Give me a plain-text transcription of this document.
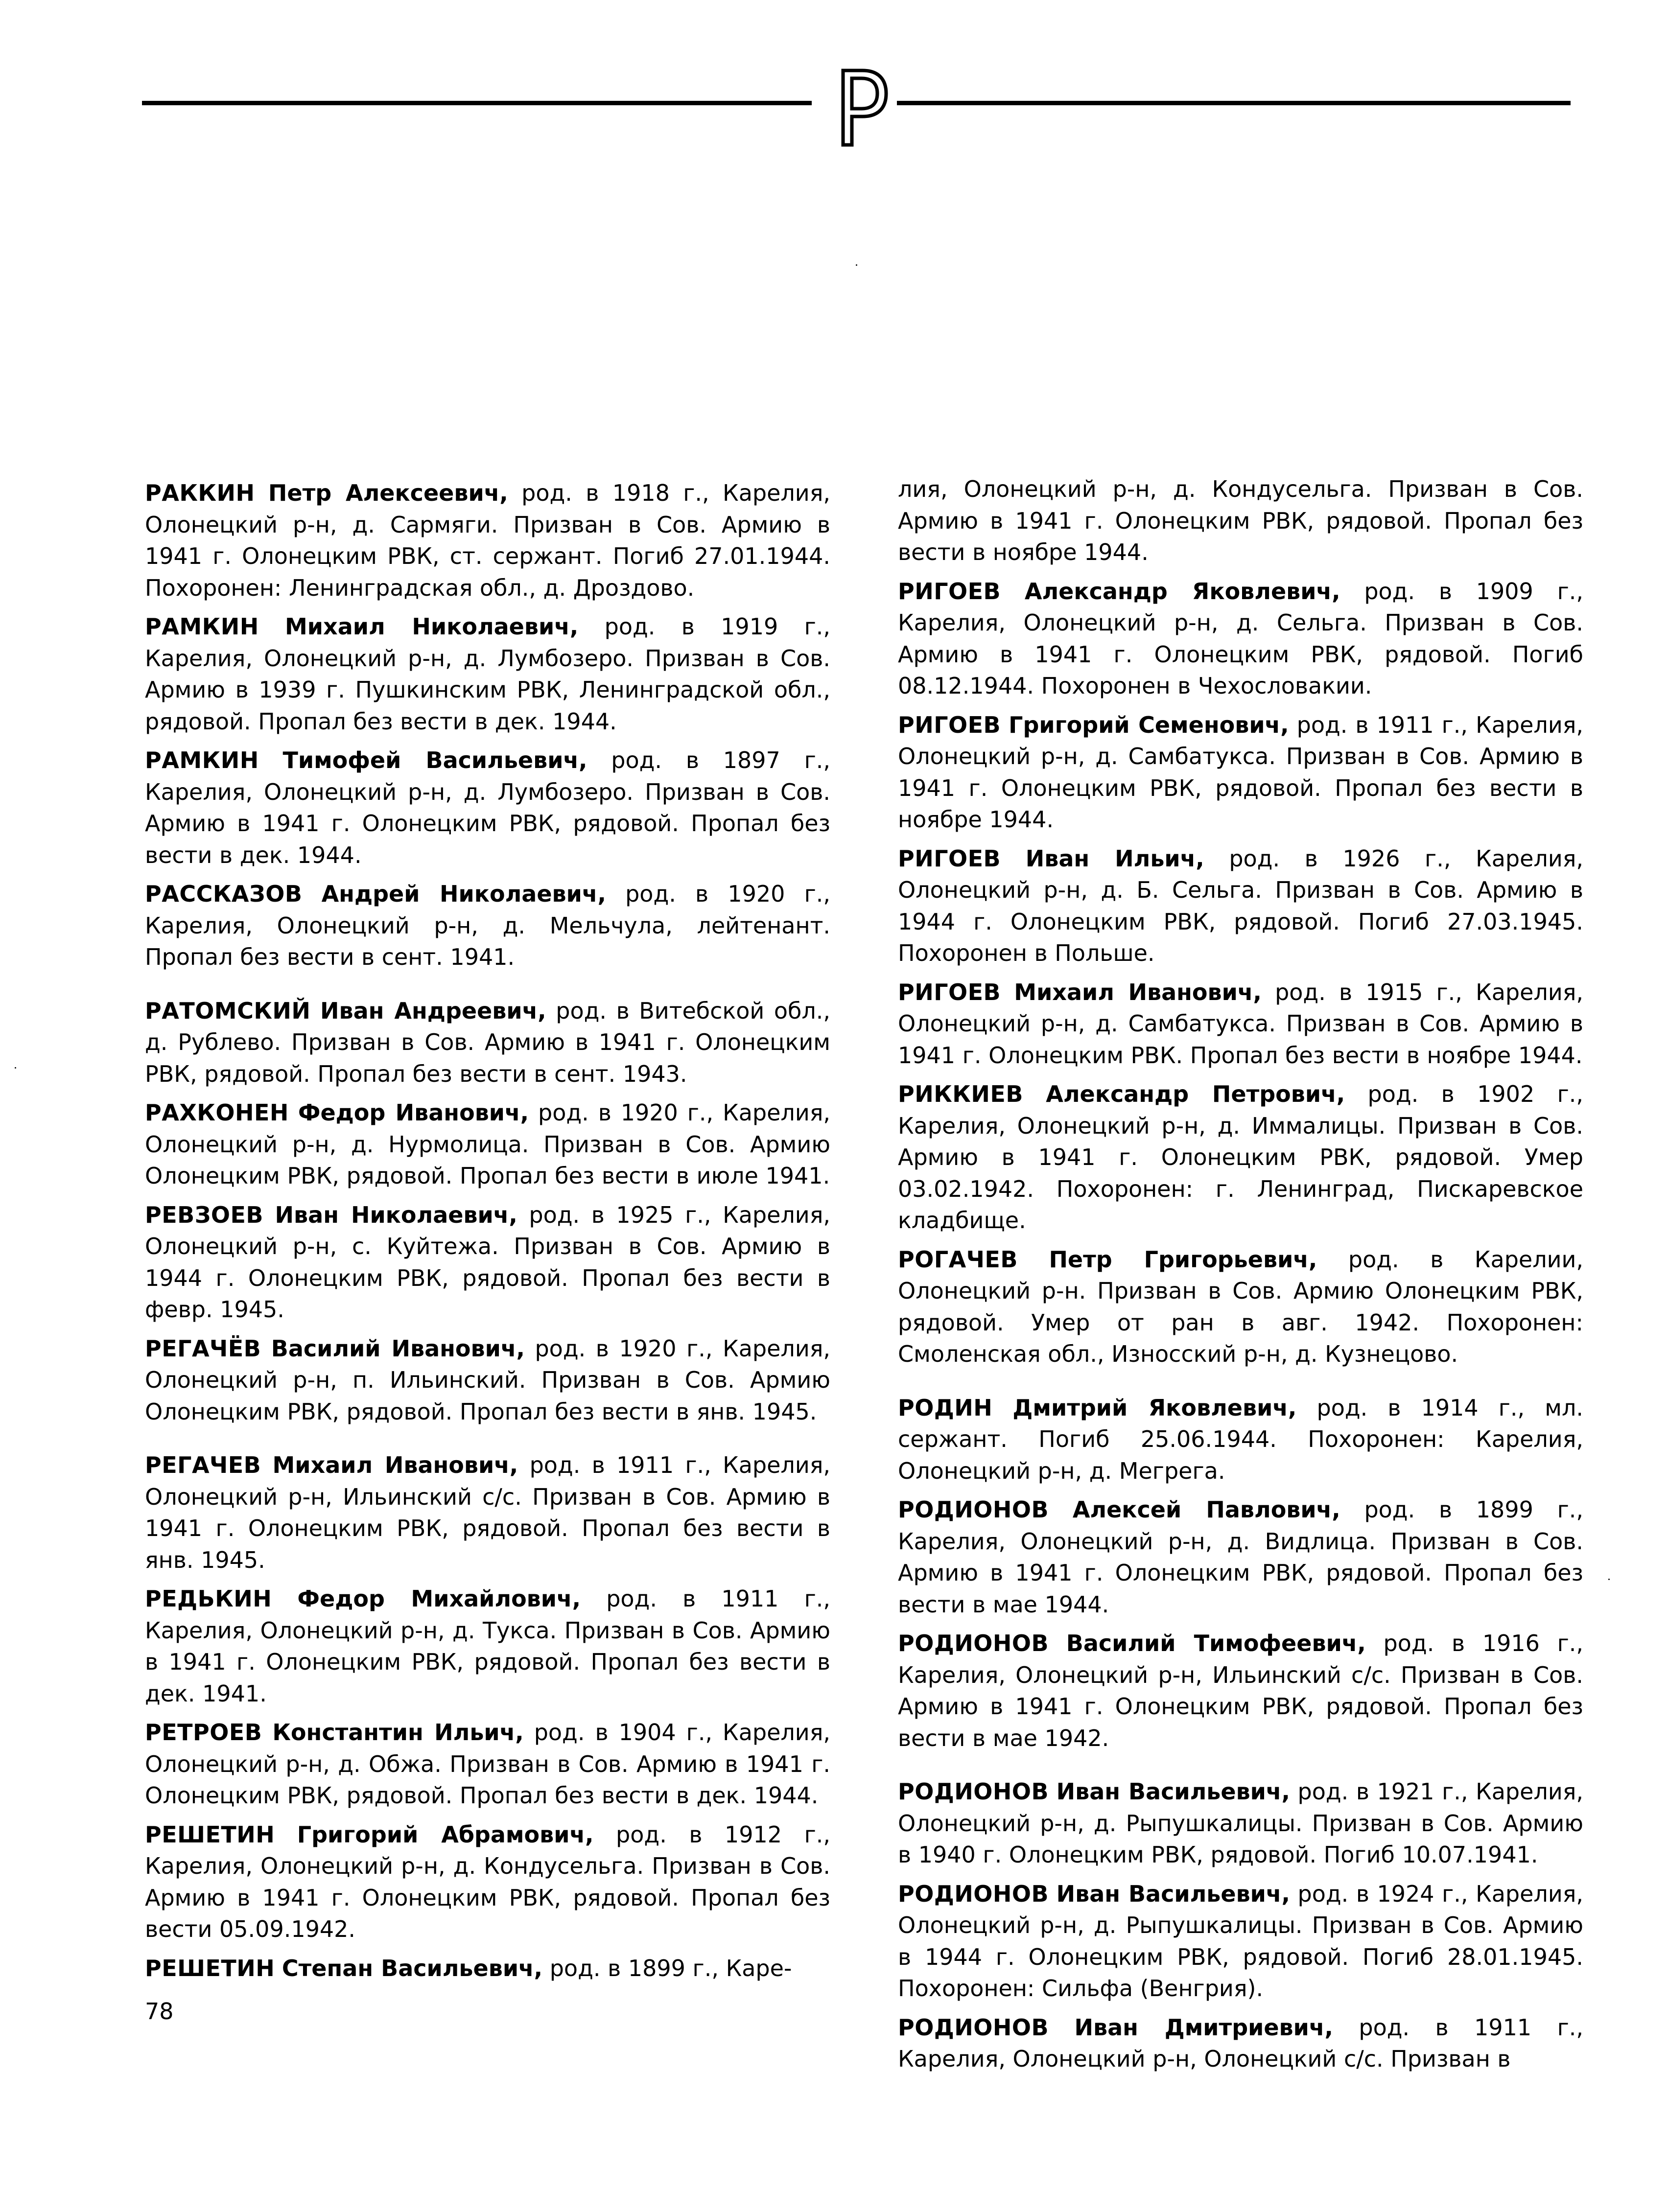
РАККИН Петр Алексеевич, род. в 1918 г., Карелия, Олонецкий р-н, д. Сармяги. Призван в Сов. Армию в 1941 г. Олонецким РВК, ст. сержант. Погиб 27.01.1944. Похоронен: Ленинградская обл., д. Дроздово.

РАМКИН Михаил Николаевич, род. в 1919 г., Карелия, Олонецкий р-н, д. Лумбозеро. Призван в Сов. Армию в 1939 г. Пушкинским РВК, Ленинградской обл., рядовой. Пропал без вести в дек. 1944.

РАМКИН Тимофей Васильевич, род. в 1897 г., Карелия, Олонецкий р-н, д. Лумбозеро. Призван в Сов. Армию в 1941 г. Олонецким РВК, рядовой. Пропал без вести в дек. 1944.

РАССКАЗОВ Андрей Николаевич, род. в 1920 г., Карелия, Олонецкий р-н, д. Мельчула, лейтенант. Пропал без вести в сент. 1941.

РАТОМСКИЙ Иван Андреевич, род. в Витебской обл., д. Рублево. Призван в Сов. Армию в 1941 г. Олонецким РВК, рядовой. Пропал без вести в сент. 1943.

РАХКОНЕН Федор Иванович, род. в 1920 г., Карелия, Олонецкий р-н, д. Нурмолица. Призван в Сов. Армию Олонецким РВК, рядовой. Пропал без вести в июле 1941.

РЕВЗОЕВ Иван Николаевич, род. в 1925 г., Карелия, Олонецкий р-н, с. Куйтежа. Призван в Сов. Армию в 1944 г. Олонецким РВК, рядовой. Пропал без вести в февр. 1945.

РЕГАЧЁВ Василий Иванович, род. в 1920 г., Карелия, Олонецкий р-н, п. Ильинский. Призван в Сов. Армию Олонецким РВК, рядовой. Пропал без вести в янв. 1945.

РЕГАЧЕВ Михаил Иванович, род. в 1911 г., Карелия, Олонецкий р-н, Ильинский с/с. Призван в Сов. Армию в 1941 г. Олонецким РВК, рядовой. Пропал без вести в янв. 1945.

РЕДЬКИН Федор Михайлович, род. в 1911 г., Карелия, Олонецкий р-н, д. Тукса. Призван в Сов. Армию в 1941 г. Олонецким РВК, рядовой. Пропал без вести в дек. 1941.

РЕТРОЕВ Константин Ильич, род. в 1904 г., Карелия, Олонецкий р-н, д. Обжа. Призван в Сов. Армию в 1941 г. Олонецким РВК, рядовой. Пропал без вести в дек. 1944.

РЕШЕТИН Григорий Абрамович, род. в 1912 г., Карелия, Олонецкий р-н, д. Кондусельга. Призван в Сов. Армию в 1941 г. Олонецким РВК, рядовой. Пропал без вести 05.09.1942.

РЕШЕТИН Степан Васильевич, род. в 1899 г., Каре-

лия, Олонецкий р-н, д. Кондусельга. Призван в Сов. Армию в 1941 г. Олонецким РВК, рядовой. Пропал без вести в ноябре 1944.

РИГОЕВ Александр Яковлевич, род. в 1909 г., Карелия, Олонецкий р-н, д. Сельга. Призван в Сов. Армию в 1941 г. Олонецким РВК, рядовой. Погиб 08.12.1944. Похоронен в Чехословакии.

РИГОЕВ Григорий Семенович, род. в 1911 г., Карелия, Олонецкий р-н, д. Самбатукса. Призван в Сов. Армию в 1941 г. Олонецким РВК, рядовой. Пропал без вести в ноябре 1944.

РИГОЕВ Иван Ильич, род. в 1926 г., Карелия, Олонецкий р-н, д. Б. Сельга. Призван в Сов. Армию в 1944 г. Олонецким РВК, рядовой. Погиб 27.03.1945. Похоронен в Польше.

РИГОЕВ Михаил Иванович, род. в 1915 г., Карелия, Олонецкий р-н, д. Самбатукса. Призван в Сов. Армию в 1941 г. Олонецким РВК. Пропал без вести в ноябре 1944.

РИККИЕВ Александр Петрович, род. в 1902 г., Карелия, Олонецкий р-н, д. Иммалицы. Призван в Сов. Армию в 1941 г. Олонецким РВК, рядовой. Умер 03.02.1942. Похоронен: г. Ленинград, Пискаревское кладбище.

РОГАЧЕВ Петр Григорьевич, род. в Карелии, Олонецкий р-н. Призван в Сов. Армию Олонецким РВК, рядовой. Умер от ран в авг. 1942. Похоронен: Смоленская обл., Износский р-н, д. Кузнецово.

РОДИН Дмитрий Яковлевич, род. в 1914 г., мл. сержант. Погиб 25.06.1944. Похоронен: Карелия, Олонецкий р-н, д. Мегрега.

РОДИОНОВ Алексей Павлович, род. в 1899 г., Карелия, Олонецкий р-н, д. Видлица. Призван в Сов. Армию в 1941 г. Олонецким РВК, рядовой. Пропал без вести в мае 1944.

РОДИОНОВ Василий Тимофеевич, род. в 1916 г., Карелия, Олонецкий р-н, Ильинский с/с. Призван в Сов. Армию в 1941 г. Олонецким РВК, рядовой. Пропал без вести в мае 1942.

РОДИОНОВ Иван Васильевич, род. в 1921 г., Карелия, Олонецкий р-н, д. Рыпушкалицы. Призван в Сов. Армию в 1940 г. Олонецким РВК, рядовой. Погиб 10.07.1941.

РОДИОНОВ Иван Васильевич, род. в 1924 г., Карелия, Олонецкий р-н, д. Рыпушкалицы. Призван в Сов. Армию в 1944 г. Олонецким РВК, рядовой. Погиб 28.01.1945. Похоронен: Сильфа (Венгрия).

РОДИОНОВ Иван Дмитриевич, род. в 1911 г., Карелия, Олонецкий р-н, Олонецкий с/с. Призван в

78
